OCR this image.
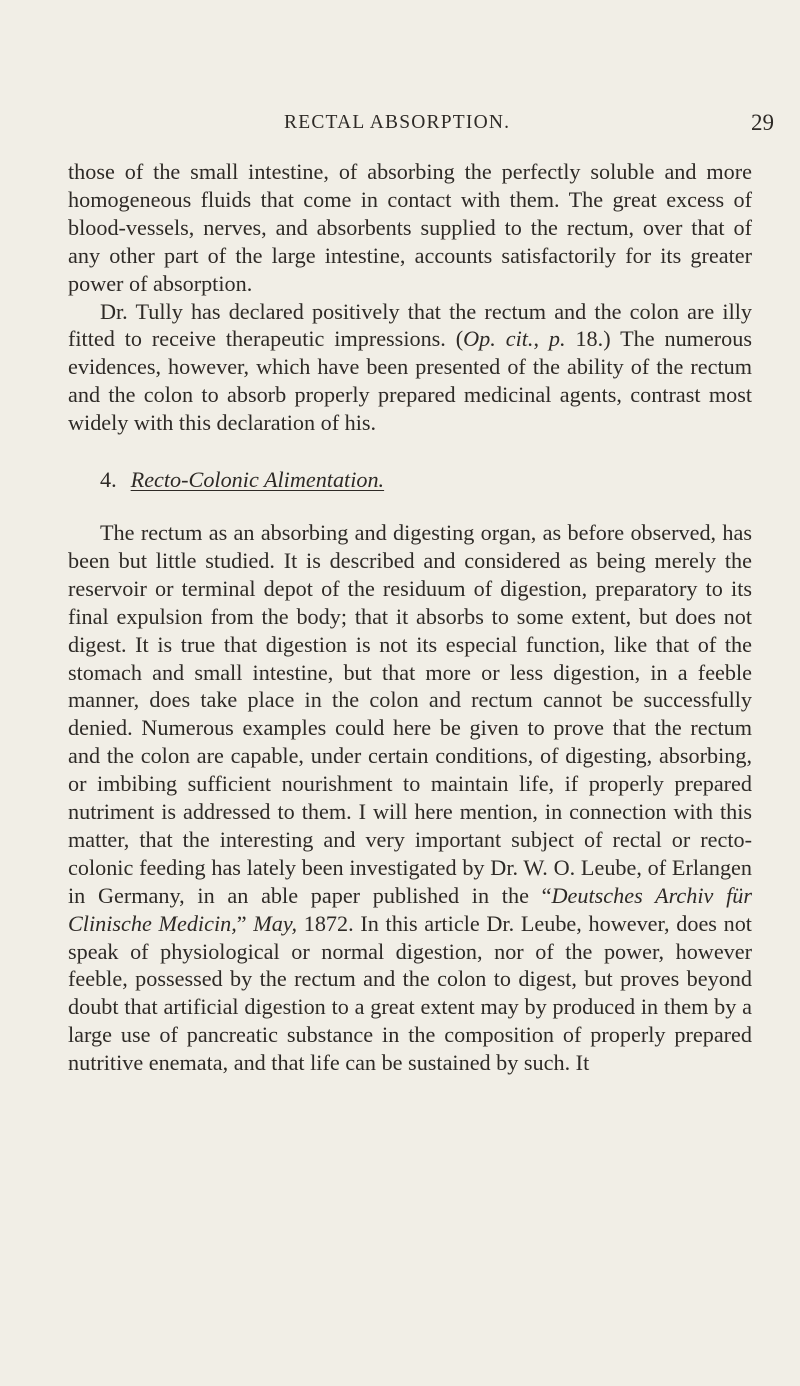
RECTAL ABSORPTION.	29

those of the small intestine, of absorbing the perfectly soluble and more homogeneous fluids that come in contact with them. The great excess of blood-vessels, nerves, and absorbents supplied to the rectum, over that of any other part of the large intestine, accounts satisfactorily for its greater power of absorption.

Dr. Tully has declared positively that the rectum and the colon are illy fitted to receive therapeutic impressions. (Op. cit., p. 18.) The numerous evidences, however, which have been presented of the ability of the rectum and the colon to absorb properly prepared medicinal agents, contrast most widely with this declaration of his.

4. Recto-Colonic Alimentation.

The rectum as an absorbing and digesting organ, as before observed, has been but little studied. It is described and considered as being merely the reservoir or terminal depot of the residuum of digestion, preparatory to its final expulsion from the body; that it absorbs to some extent, but does not digest. It is true that digestion is not its especial function, like that of the stomach and small intestine, but that more or less digestion, in a feeble manner, does take place in the colon and rectum cannot be successfully denied. Numerous examples could here be given to prove that the rectum and the colon are capable, under certain conditions, of digesting, absorbing, or imbibing sufficient nourishment to maintain life, if properly prepared nutriment is addressed to them. I will here mention, in connection with this matter, that the interesting and very important subject of rectal or recto-colonic feeding has lately been investigated by Dr. W. O. Leube, of Erlangen in Germany, in an able paper published in the “Deutsches Archiv für Clinische Medicin,” May, 1872. In this article Dr. Leube, however, does not speak of physiological or normal digestion, nor of the power, however feeble, possessed by the rectum and the colon to digest, but proves beyond doubt that artificial digestion to a great extent may by produced in them by a large use of pancreatic substance in the composition of properly prepared nutritive enemata, and that life can be sustained by such. It
